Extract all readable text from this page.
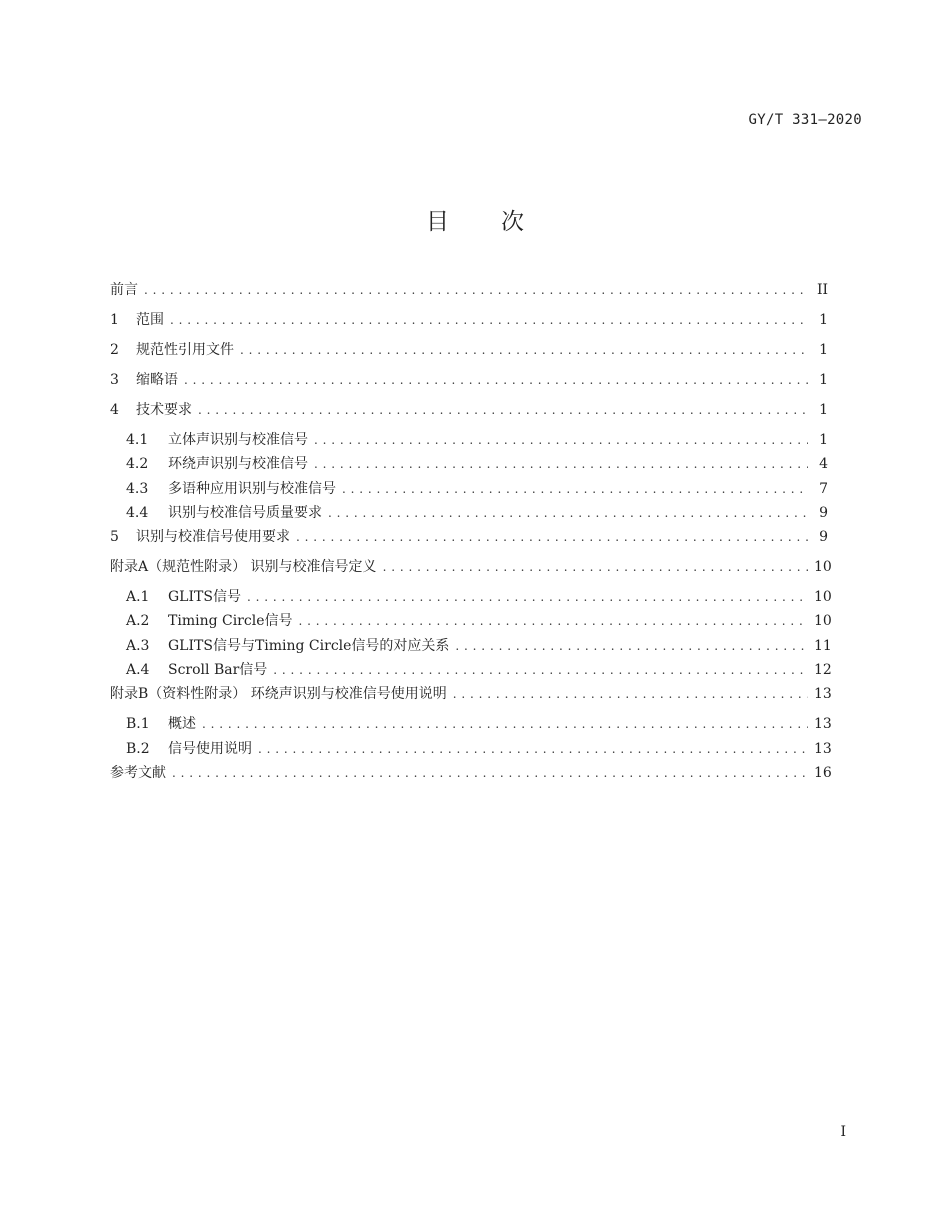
GY/T 331—2020
目次
前言 . . .	II
1	范围 . . .	1
2	规范性引用文件 . . .	1
3	缩略语 . . .	1
4	技术要求 . . .	1
4.1	立体声识别与校准信号 . . .	1
4.2	环绕声识别与校准信号 . . .	4
4.3	多语种应用识别与校准信号 . . .	7
4.4	识别与校准信号质量要求 . . .	9
5	识别与校准信号使用要求 . . .	9
附录A（规范性附录） 识别与校准信号定义 . . .	10
A.1	GLITS信号 . . .	10
A.2	Timing Circle信号 . . .	10
A.3	GLITS信号与Timing Circle信号的对应关系 . . .	11
A.4	Scroll Bar信号 . . .	12
附录B（资料性附录） 环绕声识别与校准信号使用说明 . . .	13
B.1	概述 . . .	13
B.2	信号使用说明 . . .	13
参考文献 . . .	16
I
